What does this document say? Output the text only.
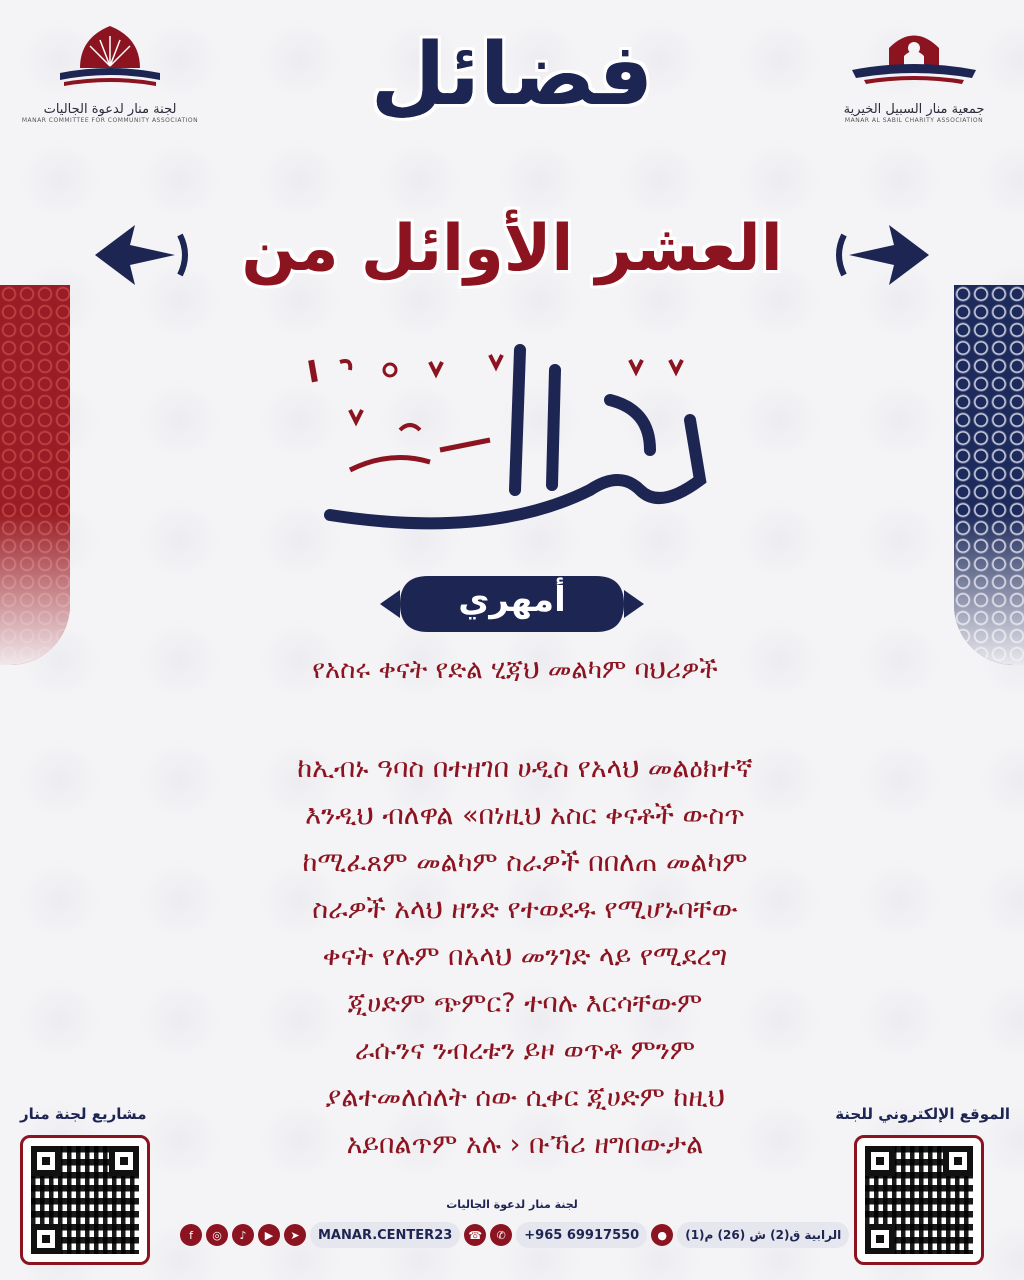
لجنة منار لدعوة الجاليات
MANAR COMMITTEE FOR COMMUNITY ASSOCIATION
جمعية منار السبيل الخيرية
MANAR AL SABIL CHARITY ASSOCIATION
فضائل
العشر الأوائل من
أمهري
የአስሩ ቀናት የድል ሂጃህ መልካም ባህሪዎች
ከኢብኑ ዓባስ በተዘገበ ሀዲስ የአላህ መልዕክተኛ
እንዲህ ብለዋል «በነዚህ አስር ቀናቶች ውስጥ
ከሚፈጸም መልካም ስራዎች በበለጠ መልካም
ስራዎች አላህ ዘንድ የተወደዱ የሚሆኑባቸው
ቀናት የሉም በአላህ መንገድ ላይ የሚደረግ
ጂሀድም ጭምር? ተባሉ እርሳቸውም
ራሱንና ንብረቱን ይዞ ወጥቶ ምንም
ያልተመለሰለት ሰው ሲቀር ጂሀድም ከዚህ
አይበልጥም አሉ › ቡኻሪ ዘግበውታል
مشاريع لجنة منار	الموقع الإلكتروني للجنة
لجنة منار لدعوة الجاليات
f	◎	♪	▶	➤	MANAR.CENTER23	☎	✆	+965 69917550	●	الرابية ق(2) ش (26) م(1)
